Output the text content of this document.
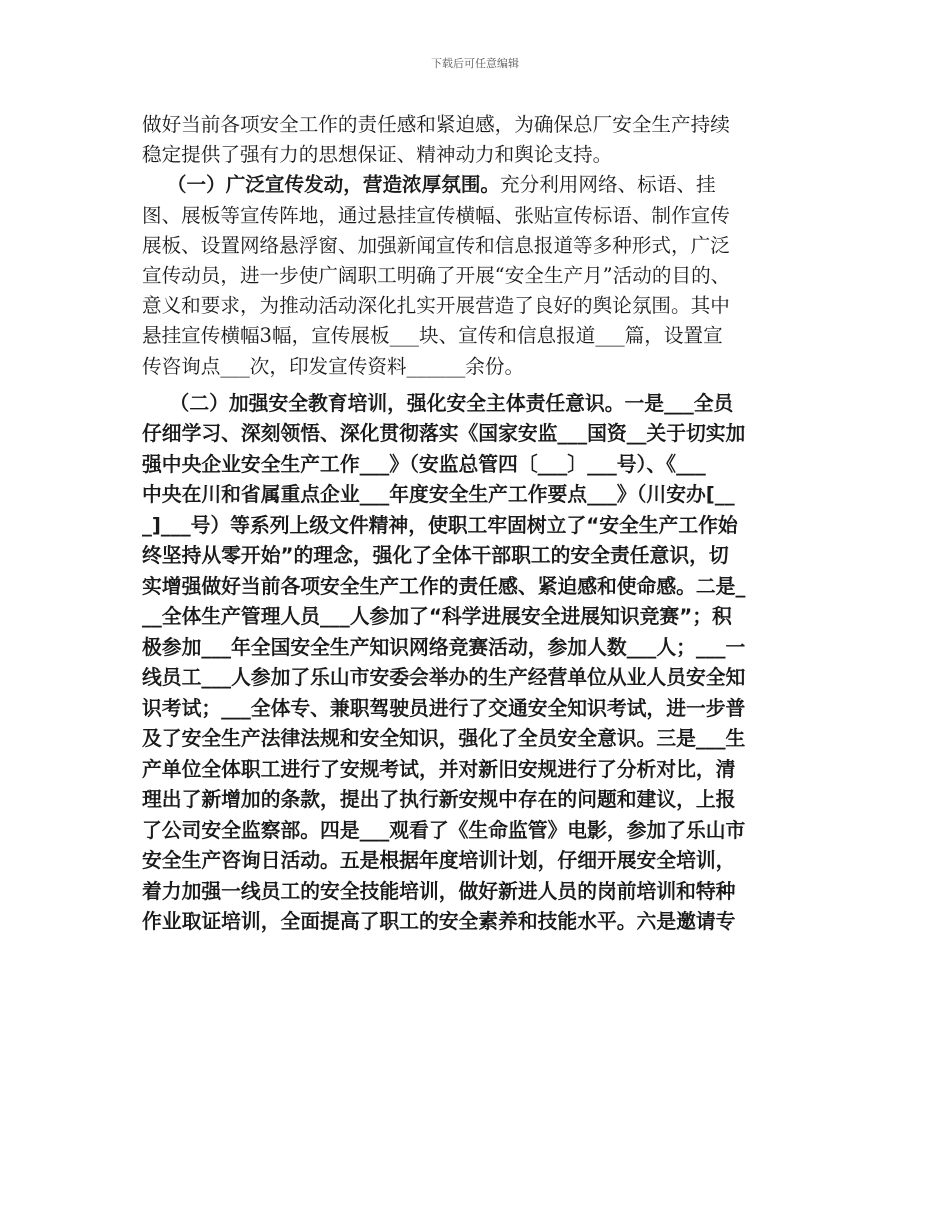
下载后可任意编辑
做好当前各项安全工作的责任感和紧迫感，为确保总厂安全生产持续
稳定提供了强有力的思想保证、精神动力和舆论支持。
（一）广泛宣传发动，营造浓厚氛围。充分利用网络、标语、挂
图、展板等宣传阵地，通过悬挂宣传横幅、张贴宣传标语、制作宣传
展板、设置网络悬浮窗、加强新闻宣传和信息报道等多种形式，广泛
宣传动员，进一步使广阔职工明确了开展“安全生产月”活动的目的、
意义和要求，为推动活动深化扎实开展营造了良好的舆论氛围。其中
悬挂宣传横幅3幅，宣传展板___块、宣传和信息报道___篇，设置宣
传咨询点___次，印发宣传资料______余份。
（二）加强安全教育培训，强化安全主体责任意识。一是___全员
仔细学习、深刻领悟、深化贯彻落实《国家安监___国资__关于切实加
强中央企业安全生产工作___》（安监总管四〔___〕___号）、《___
中央在川和省属重点企业___年度安全生产工作要点___》（川安办[__
_]___号）等系列上级文件精神，使职工牢固树立了“安全生产工作始
终坚持从零开始”的理念，强化了全体干部职工的安全责任意识，切
实增强做好当前各项安全生产工作的责任感、紧迫感和使命感。二是_
__全体生产管理人员___人参加了“科学进展安全进展知识竞赛”；积
极参加___年全国安全生产知识网络竞赛活动，参加人数___人；___一
线员工___人参加了乐山市安委会举办的生产经营单位从业人员安全知
识考试；___全体专、兼职驾驶员进行了交通安全知识考试，进一步普
及了安全生产法律法规和安全知识，强化了全员安全意识。三是___生
产单位全体职工进行了安规考试，并对新旧安规进行了分析对比，清
理出了新增加的条款，提出了执行新安规中存在的问题和建议，上报
了公司安全监察部。四是___观看了《生命监管》电影，参加了乐山市
安全生产咨询日活动。五是根据年度培训计划，仔细开展安全培训，
着力加强一线员工的安全技能培训，做好新进人员的岗前培训和特种
作业取证培训，全面提高了职工的安全素养和技能水平。六是邀请专
